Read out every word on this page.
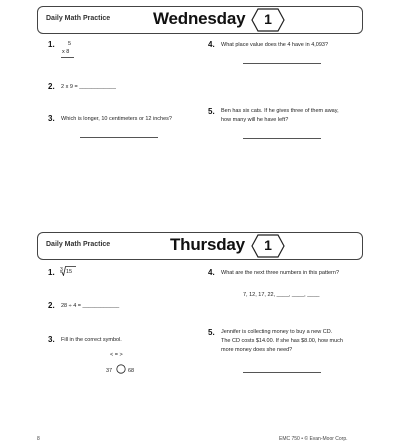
Daily Math Practice	Wednesday	1
1. 5
x 8
2. 2 x 9 = ____________
3. Which is longer, 10 centimeters or 12 inches?
4. What place value does the 4 have in 4,093?
5. Ben has six cats. If he gives three of them away,
how many will he have left?
Daily Math Practice	Thursday	1
1. 3 15
2. 28 ÷ 4 = ____________
3. Fill in the correct symbol.
< = >
37	68
4. What are the next three numbers in this pattern?
7, 12, 17, 22, ____, ____, ____
5. Jennifer is collecting money to buy a new CD.
The CD costs $14.00. If she has $8.00, how much
more money does she need?
8	EMC 750 • © Evan-Moor Corp.
